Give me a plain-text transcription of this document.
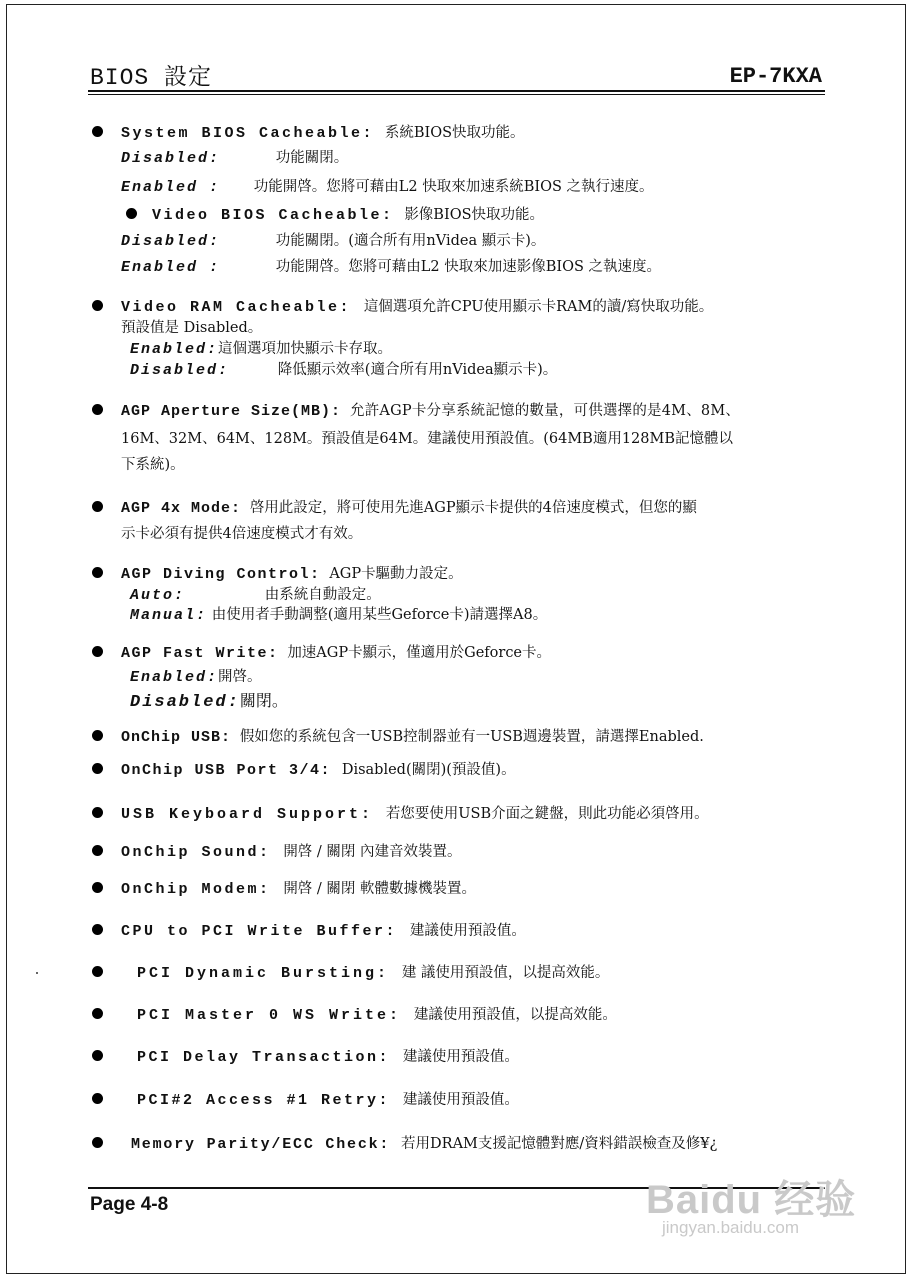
BIOS 設定	EP-7KXA
System BIOS Cacheable: 系統BIOS快取功能。
Disabled:	功能關閉。
Enabled : 功能開啓。您將可藉由L2 快取來加速系統BIOS 之執行速度。
Video BIOS Cacheable: 影像BIOS快取功能。
Disabled:	功能關閉。(適合所有用nVidea 顯示卡)。
Enabled :	功能開啓。您將可藉由L2 快取來加速影像BIOS 之執速度。
Video RAM Cacheable: 這個選項允許CPU使用顯示卡RAM的讀/寫快取功能。
預設值是 Disabled。
Enabled:這個選項加快顯示卡存取。
Disabled:	降低顯示效率(適合所有用nVidea顯示卡)。
AGP Aperture Size(MB): 允許AGP卡分享系統記憶的數量，可供選擇的是4M、8M、
16M、32M、64M、128M。預設值是64M。建議使用預設值。(64MB適用128MB記憶體以
下系統)。
AGP 4x Mode: 啓用此設定，將可使用先進AGP顯示卡提供的4倍速度模式，但您的顯
示卡必須有提供4倍速度模式才有效。
AGP Diving Control: AGP卡驅動力設定。
Auto:	由系統自動設定。
Manual: 由使用者手動調整(適用某些Geforce卡)請選擇A8。
AGP Fast Write: 加速AGP卡顯示，僅適用於Geforce卡。
Enabled:開啓。
Disabled:關閉。
OnChip USB: 假如您的系統包含一USB控制器並有一USB週邊裝置，請選擇Enabled.
OnChip USB Port 3/4: Disabled(關閉)(預設值)。
USB Keyboard Support: 若您要使用USB介面之鍵盤，則此功能必須啓用。
OnChip Sound: 開啓 / 關閉 內建音效裝置。
OnChip Modem: 開啓 / 關閉 軟體數據機裝置。
CPU to PCI Write Buffer: 建議使用預設值。
PCI Dynamic Bursting: 建 議使用預設值，以提高效能。
PCI Master 0 WS Write: 建議使用預設值，以提高效能。
PCI Delay Transaction: 建議使用預設值。
PCI#2 Access #1 Retry: 建議使用預設值。
Memory Parity/ECC Check: 若用DRAM支援記憶體對應/資料錯誤檢查及修¥¿
Page 4-8	Baidu 经验
jingyan.baidu.com
